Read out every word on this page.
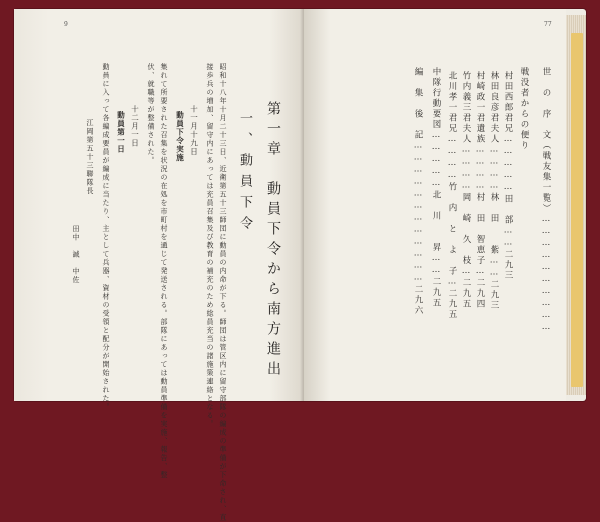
9
第一章　動員下令から南方進出
一、動員下令
昭和十八年十月二十三日、近衛第五十三師団に動員の内命が下る。師団は管区内に留守部隊の編成の準備が下命され、直
接歩兵の増加、留守内にあっては充員召集及び教育の補充のため総員充当の諸施策連絡となる。
十一月十九日
動員下令実施
集れて所要された召集を状況の在処を市町村を通じて発送される。部隊にあっては動員準備を実施、報告、整
伏、就職等が整備された。
十二月一日
動員第一日
動員に入って各編成要員が編成に当たり、主として兵器、資材の受領と配分が開始された。
江岡第五十三聯隊長
田中　誠　中佐
77
世　の　序　文（戦友集一覧）…………………………
戦没者からの便り
村田西郎君兄……………田　部……二九三
林田良彦君夫人…………林　田　　紫……二九三
村崎政一君遺族…………村　田　智恵子…二九四
竹内義三君夫人…………岡　崎　久　枝…二九五
北川孝一君兄…………竹　内　と　よ　子…二九五
中隊行動要図……………北　川　　昇……二九五
編　集　後　記………………………………二九六
